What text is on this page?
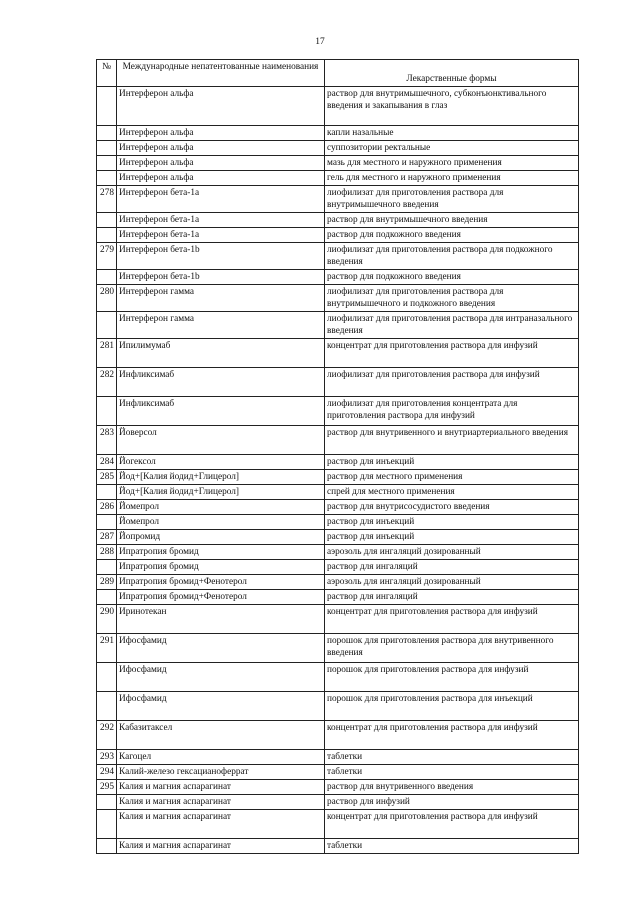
17
№	Международные непатентованные наименования	Лекарственные формы
	Интерферон альфа	раствор для внутримышечного, субконъюнктивального введения и закапывания в глаз
	Интерферон альфа	капли назальные
	Интерферон альфа	суппозитории ректальные
	Интерферон альфа	мазь для местного и наружного применения
	Интерферон альфа	гель для местного и наружного применения
278	Интерферон бета-1a	лиофилизат для приготовления раствора для внутримышечного введения
	Интерферон бета-1a	раствор для внутримышечного введения
	Интерферон бета-1a	раствор для подкожного введения
279	Интерферон бета-1b	лиофилизат для приготовления раствора для подкожного введения
	Интерферон бета-1b	раствор для подкожного введения
280	Интерферон гамма	лиофилизат для приготовления раствора для внутримышечного и подкожного введения
	Интерферон гамма	лиофилизат для приготовления раствора для интраназального введения
281	Ипилимумаб	концентрат для приготовления раствора для инфузий
282	Инфликсимаб	лиофилизат для приготовления раствора для инфузий
	Инфликсимаб	лиофилизат для приготовления концентрата для приготовления раствора для инфузий
283	Йоверсол	раствор для внутривенного и внутриартериального введения
284	Йогексол	раствор для инъекций
285	Йод+[Калия йодид+Глицерол]	раствор для местного применения
	Йод+[Калия йодид+Глицерол]	спрей для местного применения
286	Йомепрол	раствор для внутрисосудистого введения
	Йомепрол	раствор для инъекций
287	Йопромид	раствор для инъекций
288	Ипратропия бромид	аэрозоль для ингаляций дозированный
	Ипратропия бромид	раствор для ингаляций
289	Ипратропия бромид+Фенотерол	аэрозоль для ингаляций дозированный
	Ипратропия бромид+Фенотерол	раствор для ингаляций
290	Иринотекан	концентрат для приготовления раствора для инфузий
291	Ифосфамид	порошок для приготовления раствора для внутривенного введения
	Ифосфамид	порошок для приготовления раствора для инфузий
	Ифосфамид	порошок для приготовления раствора для инъекций
292	Кабазитаксел	концентрат для приготовления раствора для инфузий
293	Кагоцел	таблетки
294	Калий-железо гексацианоферрат	таблетки
295	Калия и магния аспарагинат	раствор для внутривенного введения
	Калия и магния аспарагинат	раствор для инфузий
	Калия и магния аспарагинат	концентрат для приготовления раствора для инфузий
	Калия и магния аспарагинат	таблетки
